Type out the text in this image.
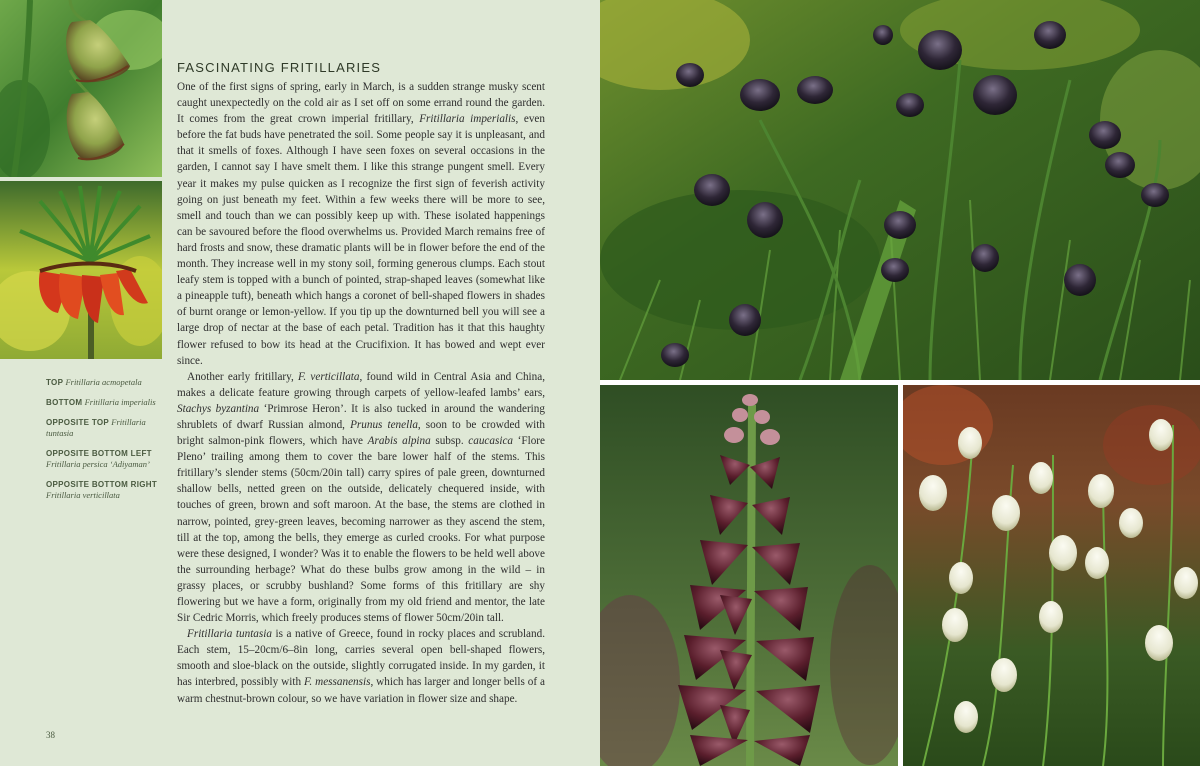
TOP Fritillaria acmopetala
BOTTOM Fritillaria imperialis
OPPOSITE TOP Fritillaria tuntasia
OPPOSITE BOTTOM LEFT Fritillaria persica ‘Adiyaman’
OPPOSITE BOTTOM RIGHT Fritillaria verticillata
FASCINATING FRITILLARIES

One of the first signs of spring, early in March, is a sudden strange musky scent caught unexpectedly on the cold air as I set off on some errand round the garden. It comes from the great crown imperial fritillary, Fritillaria imperialis, even before the fat buds have penetrated the soil. Some people say it is unpleasant, and that it smells of foxes. Although I have seen foxes on several occasions in the garden, I cannot say I have smelt them. I like this strange pungent smell. Every year it makes my pulse quicken as I recognize the first sign of feverish activity going on just beneath my feet. Within a few weeks there will be more to see, smell and touch than we can possibly keep up with. These isolated happenings can be savoured before the flood overwhelms us. Provided March remains free of hard frosts and snow, these dramatic plants will be in flower before the end of the month. They increase well in my stony soil, forming generous clumps. Each stout leafy stem is topped with a bunch of pointed, strap-shaped leaves (somewhat like a pineapple tuft), beneath which hangs a coronet of bell-shaped flowers in shades of burnt orange or lemon-yellow. If you tip up the downturned bell you will see a large drop of nectar at the base of each petal. Tradition has it that this haughty flower refused to bow its head at the Crucifixion. It has bowed and wept ever since.

Another early fritillary, F. verticillata, found wild in Central Asia and China, makes a delicate feature growing through carpets of yellow-leafed lambs’ ears, Stachys byzantina ‘Primrose Heron’. It is also tucked in around the wandering shrublets of dwarf Russian almond, Prunus tenella, soon to be crowded with bright salmon-pink flowers, which have Arabis alpina subsp. caucasica ‘Flore Pleno’ trailing among them to cover the bare lower half of the stems. This fritillary’s slender stems (50cm/20in tall) carry spires of pale green, downturned shallow bells, netted green on the outside, delicately chequered inside, with touches of green, brown and soft maroon. At the base, the stems are clothed in narrow, pointed, grey-green leaves, becoming narrower as they ascend the stem, till at the top, among the bells, they emerge as curled crooks. For what purpose were these designed, I wonder? Was it to enable the flowers to be held well above the surrounding herbage? What do these bulbs grow among in the wild – in grassy places, or scrubby bushland? Some forms of this fritillary are shy flowering but we have a form, originally from my old friend and mentor, the late Sir Cedric Morris, which freely produces stems of flower 50cm/20in tall.

Fritillaria tuntasia is a native of Greece, found in rocky places and scrubland. Each stem, 15–20cm/6–8in long, carries several open bell-shaped flowers, smooth and sloe-black on the outside, slightly corrugated inside. In my garden, it has interbred, possibly with F. messanensis, which has larger and longer bells of a warm chestnut-brown colour, so we have variation in flower size and shape.

38
